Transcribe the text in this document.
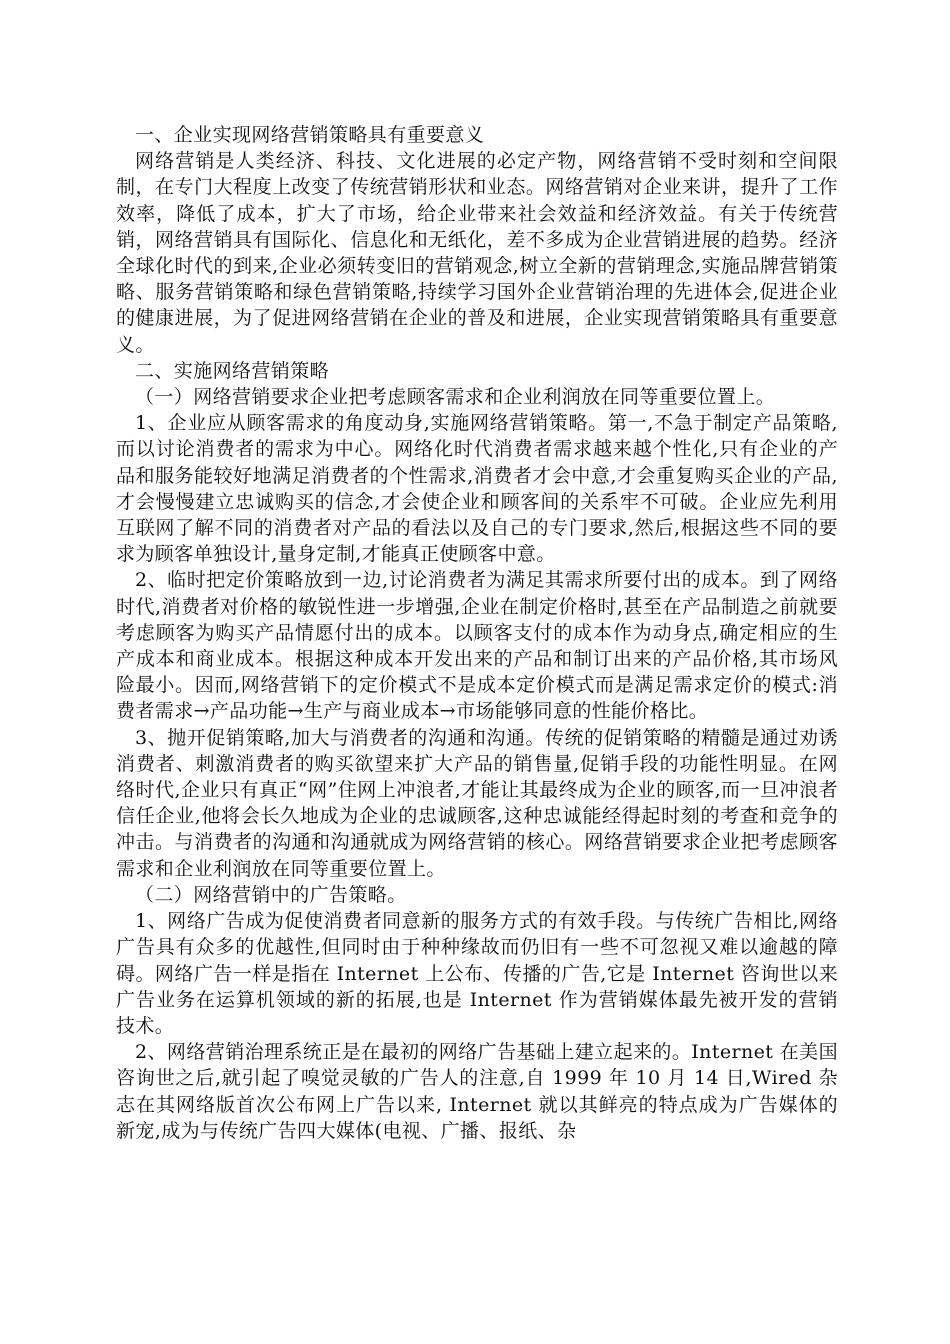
一、企业实现网络营销策略具有重要意义

网络营销是人类经济、科技、文化进展的必定产物，网络营销不受时刻和空间限制，在专门大程度上改变了传统营销形状和业态。网络营销对企业来讲，提升了工作效率，降低了成本，扩大了市场，给企业带来社会效益和经济效益。有关于传统营销，网络营销具有国际化、信息化和无纸化，差不多成为企业营销进展的趋势。经济全球化时代的到来,企业必须转变旧的营销观念,树立全新的营销理念,实施品牌营销策略、服务营销策略和绿色营销策略,持续学习国外企业营销治理的先进体会,促进企业的健康进展，为了促进网络营销在企业的普及和进展，企业实现营销策略具有重要意义。

二、实施网络营销策略

（一）网络营销要求企业把考虑顾客需求和企业利润放在同等重要位置上。

1、企业应从顾客需求的角度动身,实施网络营销策略。第一,不急于制定产品策略,而以讨论消费者的需求为中心。网络化时代消费者需求越来越个性化,只有企业的产品和服务能较好地满足消费者的个性需求,消费者才会中意,才会重复购买企业的产品,才会慢慢建立忠诚购买的信念,才会使企业和顾客间的关系牢不可破。企业应先利用互联网了解不同的消费者对产品的看法以及自己的专门要求,然后,根据这些不同的要求为顾客单独设计,量身定制,才能真正使顾客中意。

2、临时把定价策略放到一边,讨论消费者为满足其需求所要付出的成本。到了网络时代,消费者对价格的敏锐性进一步增强,企业在制定价格时,甚至在产品制造之前就要考虑顾客为购买产品情愿付出的成本。以顾客支付的成本作为动身点,确定相应的生产成本和商业成本。根据这种成本开发出来的产品和制订出来的产品价格,其市场风险最小。因而,网络营销下的定价模式不是成本定价模式而是满足需求定价的模式:消费者需求→产品功能→生产与商业成本→市场能够同意的性能价格比。

3、抛开促销策略,加大与消费者的沟通和沟通。传统的促销策略的精髓是通过劝诱消费者、刺激消费者的购买欲望来扩大产品的销售量,促销手段的功能性明显。在网络时代,企业只有真正“网”住网上冲浪者,才能让其最终成为企业的顾客,而一旦冲浪者信任企业,他将会长久地成为企业的忠诚顾客,这种忠诚能经得起时刻的考查和竞争的冲击。与消费者的沟通和沟通就成为网络营销的核心。网络营销要求企业把考虑顾客需求和企业利润放在同等重要位置上。

（二）网络营销中的广告策略。

1、网络广告成为促使消费者同意新的服务方式的有效手段。与传统广告相比,网络广告具有众多的优越性,但同时由于种种缘故而仍旧有一些不可忽视又难以逾越的障碍。网络广告一样是指在 Internet 上公布、传播的广告,它是 Internet 咨询世以来广告业务在运算机领域的新的拓展,也是 Internet 作为营销媒体最先被开发的营销技术。

2、网络营销治理系统正是在最初的网络广告基础上建立起来的。Internet 在美国咨询世之后,就引起了嗅觉灵敏的广告人的注意,自 1999 年 10 月 14 日,Wired 杂志在其网络版首次公布网上广告以来, Internet 就以其鲜亮的特点成为广告媒体的新宠,成为与传统广告四大媒体(电视、广播、报纸、杂
